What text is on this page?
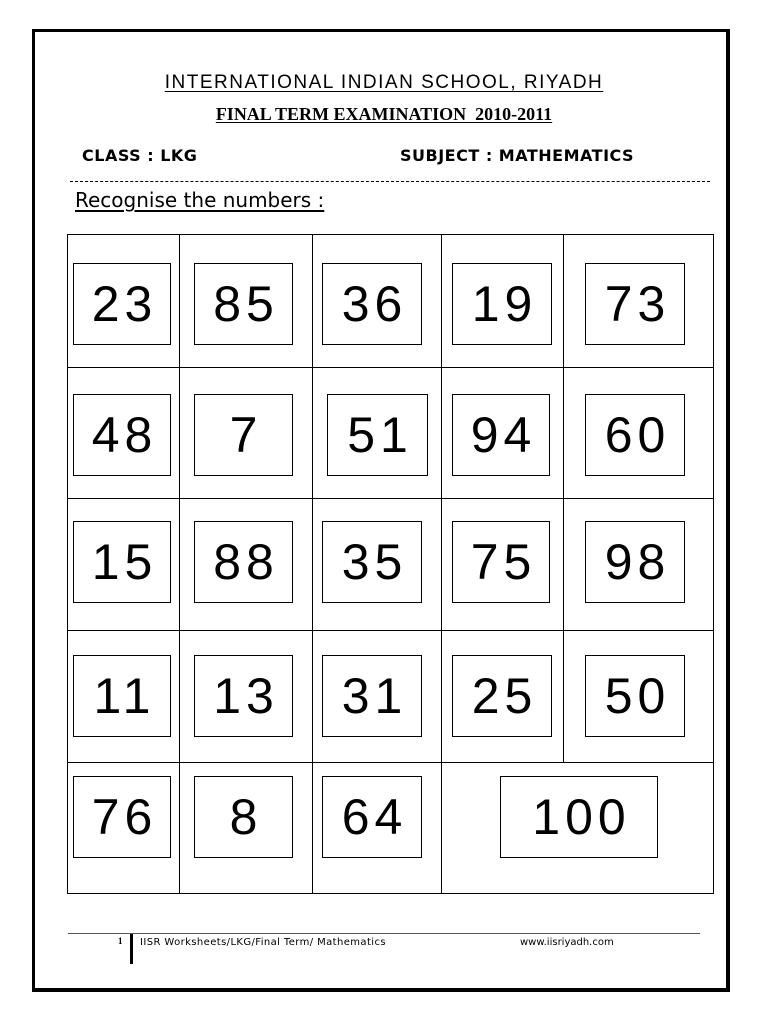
INTERNATIONAL INDIAN SCHOOL, RIYADH
FINAL TERM EXAMINATION  2010-2011
CLASS : LKG	SUBJECT : MATHEMATICS
Recognise the numbers :
23	85	36	19	73
48	7	51	94	60
15	88	35	75	98
11	13	31	25	50
76	8	64	100
1 IISR Worksheets/LKG/Final Term/ Mathematics	www.iisriyadh.com
